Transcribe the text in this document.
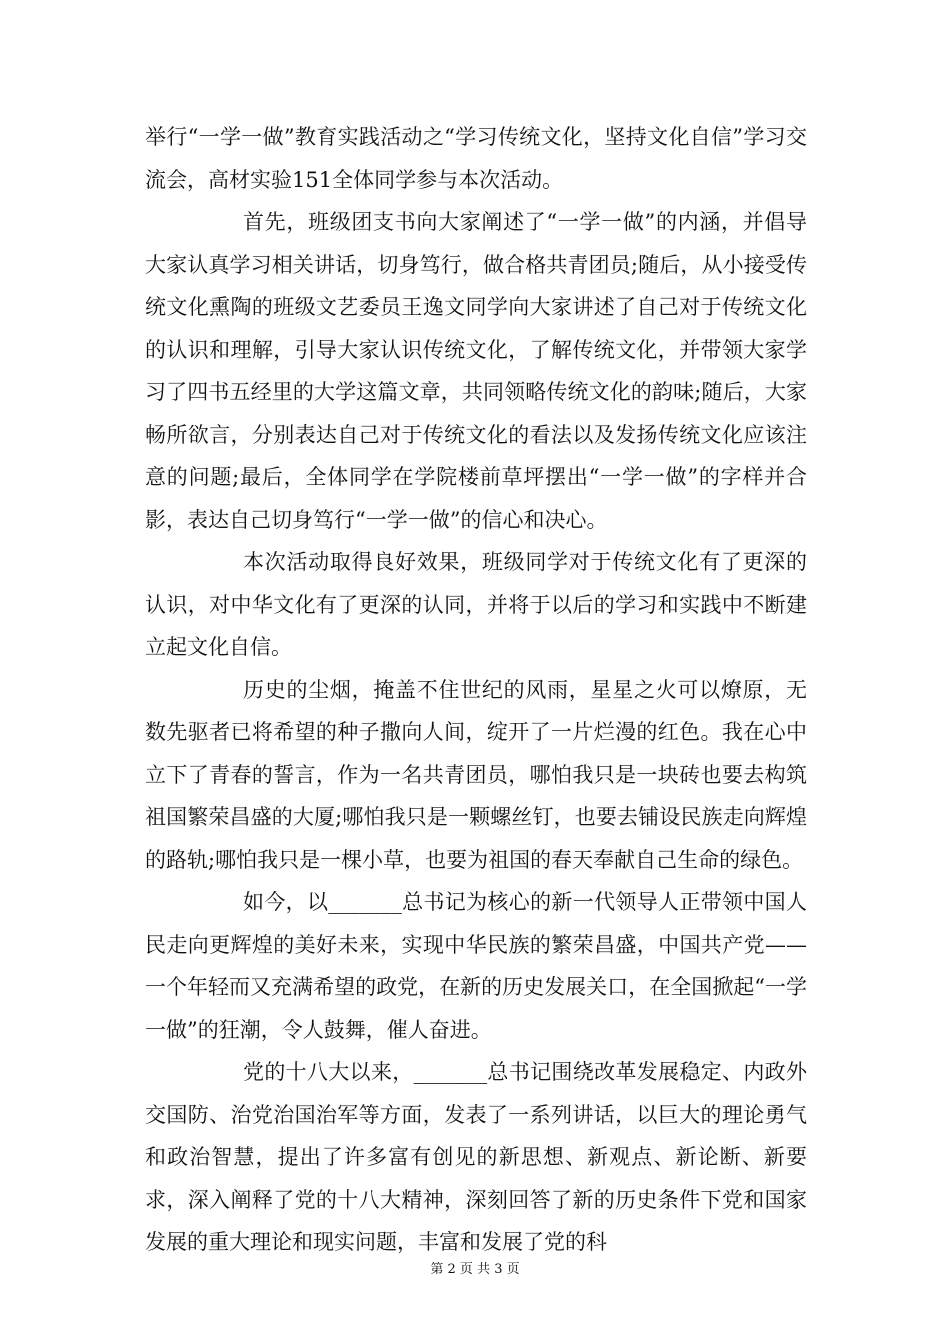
举行“一学一做”教育实践活动之“学习传统文化，坚持文化自信”学习交流会，高材实验151全体同学参与本次活动。

首先，班级团支书向大家阐述了“一学一做”的内涵，并倡导大家认真学习相关讲话，切身笃行，做合格共青团员;随后，从小接受传统文化熏陶的班级文艺委员王逸文同学向大家讲述了自己对于传统文化的认识和理解，引导大家认识传统文化，了解传统文化，并带领大家学习了四书五经里的大学这篇文章，共同领略传统文化的韵味;随后，大家畅所欲言，分别表达自己对于传统文化的看法以及发扬传统文化应该注意的问题;最后，全体同学在学院楼前草坪摆出“一学一做”的字样并合影，表达自己切身笃行“一学一做”的信心和决心。

本次活动取得良好效果，班级同学对于传统文化有了更深的认识，对中华文化有了更深的认同，并将于以后的学习和实践中不断建立起文化自信。

历史的尘烟，掩盖不住世纪的风雨，星星之火可以燎原，无数先驱者已将希望的种子撒向人间，绽开了一片烂漫的红色。我在心中立下了青春的誓言，作为一名共青团员，哪怕我只是一块砖也要去构筑祖国繁荣昌盛的大厦;哪怕我只是一颗螺丝钉，也要去铺设民族走向辉煌的路轨;哪怕我只是一棵小草，也要为祖国的春天奉献自己生命的绿色。

如今，以_______总书记为核心的新一代领导人正带领中国人民走向更辉煌的美好未来，实现中华民族的繁荣昌盛，中国共产党——一个年轻而又充满希望的政党，在新的历史发展关口，在全国掀起“一学一做”的狂潮，令人鼓舞，催人奋进。

党的十八大以来，_______总书记围绕改革发展稳定、内政外交国防、治党治国治军等方面，发表了一系列讲话，以巨大的理论勇气和政治智慧，提出了许多富有创见的新思想、新观点、新论断、新要求，深入阐释了党的十八大精神，深刻回答了新的历史条件下党和国家发展的重大理论和现实问题，丰富和发展了党的科

第 2 页 共 3 页
